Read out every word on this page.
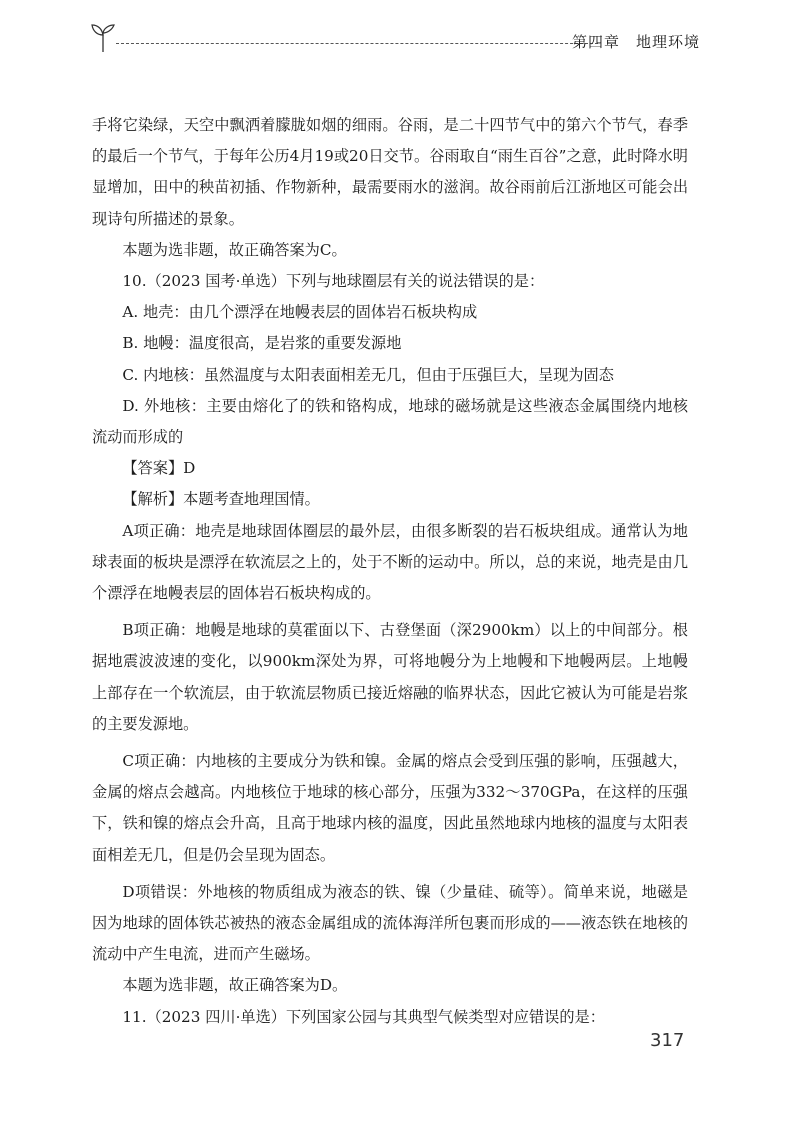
第四章　地理环境

手将它染绿，天空中飘洒着朦胧如烟的细雨。谷雨，是二十四节气中的第六个节气，春季的最后一个节气，于每年公历4月19或20日交节。谷雨取自“雨生百谷”之意，此时降水明显增加，田中的秧苗初插、作物新种，最需要雨水的滋润。故谷雨前后江浙地区可能会出现诗句所描述的景象。

本题为选非题，故正确答案为C。

10.（2023 国考·单选）下列与地球圈层有关的说法错误的是：

A. 地壳：由几个漂浮在地幔表层的固体岩石板块构成

B. 地幔：温度很高，是岩浆的重要发源地

C. 内地核：虽然温度与太阳表面相差无几，但由于压强巨大，呈现为固态

D. 外地核：主要由熔化了的铁和铬构成，地球的磁场就是这些液态金属围绕内地核流动而形成的

【答案】D

【解析】本题考查地理国情。

A项正确：地壳是地球固体圈层的最外层，由很多断裂的岩石板块组成。通常认为地球表面的板块是漂浮在软流层之上的，处于不断的运动中。所以，总的来说，地壳是由几个漂浮在地幔表层的固体岩石板块构成的。

B项正确：地幔是地球的莫霍面以下、古登堡面（深2900km）以上的中间部分。根据地震波波速的变化，以900km深处为界，可将地幔分为上地幔和下地幔两层。上地幔上部存在一个软流层，由于软流层物质已接近熔融的临界状态，因此它被认为可能是岩浆的主要发源地。

C项正确：内地核的主要成分为铁和镍。金属的熔点会受到压强的影响，压强越大，金属的熔点会越高。内地核位于地球的核心部分，压强为332～370GPa，在这样的压强下，铁和镍的熔点会升高，且高于地球内核的温度，因此虽然地球内地核的温度与太阳表面相差无几，但是仍会呈现为固态。

D项错误：外地核的物质组成为液态的铁、镍（少量硅、硫等）。简单来说，地磁是因为地球的固体铁芯被热的液态金属组成的流体海洋所包裹而形成的——液态铁在地核的流动中产生电流，进而产生磁场。

本题为选非题，故正确答案为D。

11.（2023 四川·单选）下列国家公园与其典型气候类型对应错误的是：

317
